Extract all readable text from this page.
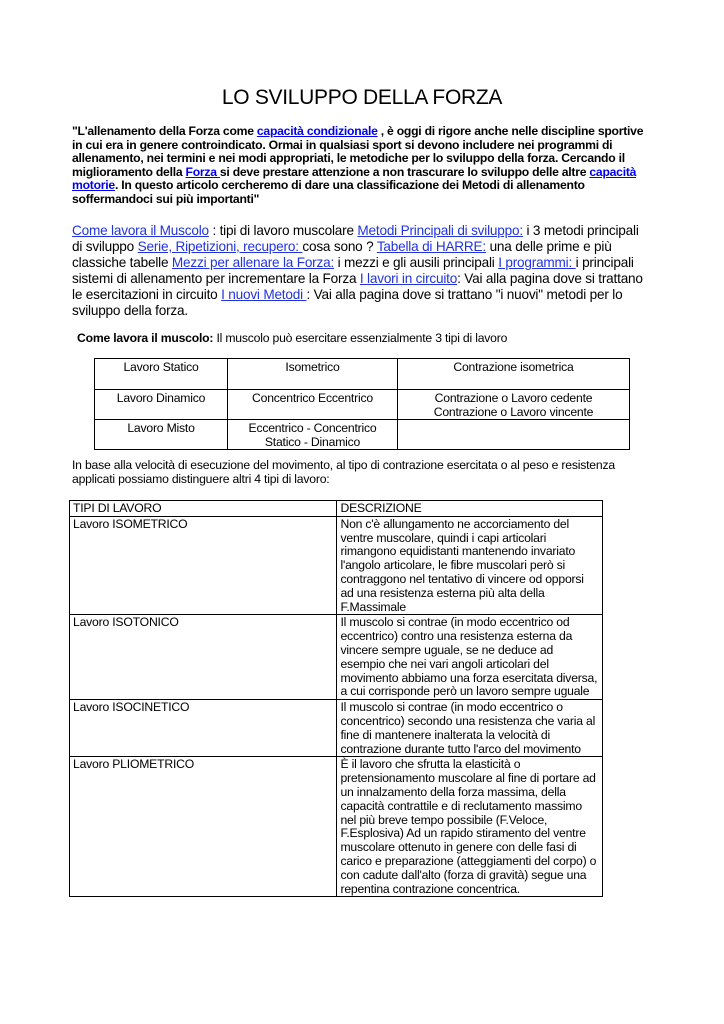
LO SVILUPPO DELLA FORZA
"L'allenamento della Forza come capacità condizionale , è oggi di rigore anche nelle discipline sportive in cui era in genere controindicato. Ormai in qualsiasi sport si devono includere nei programmi di allenamento, nei termini e nei modi appropriati, le metodiche per lo sviluppo della forza. Cercando il miglioramento della Forza si deve prestare attenzione a non trascurare lo sviluppo delle altre capacità motorie. In questo articolo cercheremo di dare una classificazione dei Metodi di allenamento soffermandoci sui più importanti"
Come lavora il Muscolo : tipi di lavoro muscolare Metodi Principali di sviluppo: i 3 metodi principali di sviluppo Serie, Ripetizioni, recupero: cosa sono ? Tabella di HARRE: una delle prime e più classiche tabelle Mezzi per allenare la Forza: i mezzi e gli ausili principali I programmi: i principali sistemi di allenamento per incrementare la Forza I lavori in circuito: Vai alla pagina dove si trattano le esercitazioni in circuito I nuovi Metodi : Vai alla pagina dove si trattano "i nuovi" metodi per lo sviluppo della forza.
Come lavora il muscolo: Il muscolo può esercitare essenzialmente 3 tipi di lavoro
Lavoro Statico	Isometrico	Contrazione isometrica
Lavoro Dinamico	Concentrico Eccentrico	Contrazione o Lavoro cedente
Contrazione o Lavoro vincente
Lavoro Misto	Eccentrico - Concentrico
Statico - Dinamico	
In base alla velocità di esecuzione del movimento, al tipo di contrazione esercitata o al peso e resistenza applicati possiamo distinguere altri 4 tipi di lavoro:
TIPI DI LAVORO	DESCRIZIONE
Lavoro ISOMETRICO	Non c'è allungamento ne accorciamento del ventre muscolare, quindi i capi articolari rimangono equidistanti mantenendo invariato l'angolo articolare, le fibre muscolari però si contraggono nel tentativo di vincere od opporsi ad una resistenza esterna più alta della F.Massimale
Lavoro ISOTONICO	Il muscolo si contrae (in modo eccentrico od eccentrico) contro una resistenza esterna da vincere sempre uguale, se ne deduce ad esempio che nei vari angoli articolari del movimento abbiamo una forza esercitata diversa, a cui corrisponde però un lavoro sempre uguale
Lavoro ISOCINETICO	Il muscolo si contrae (in modo eccentrico o concentrico) secondo una resistenza che varia al fine di mantenere inalterata la velocità di contrazione durante tutto l'arco del movimento
Lavoro PLIOMETRICO	È il lavoro che sfrutta la elasticità o pretensionamento muscolare al fine di portare ad un innalzamento della forza massima, della capacità contrattile e di reclutamento massimo nel più breve tempo possibile (F.Veloce, F.Esplosiva) Ad un rapido stiramento del ventre muscolare ottenuto in genere con delle fasi di carico e preparazione (atteggiamenti del corpo) o con cadute dall'alto (forza di gravità) segue una repentina contrazione concentrica.
